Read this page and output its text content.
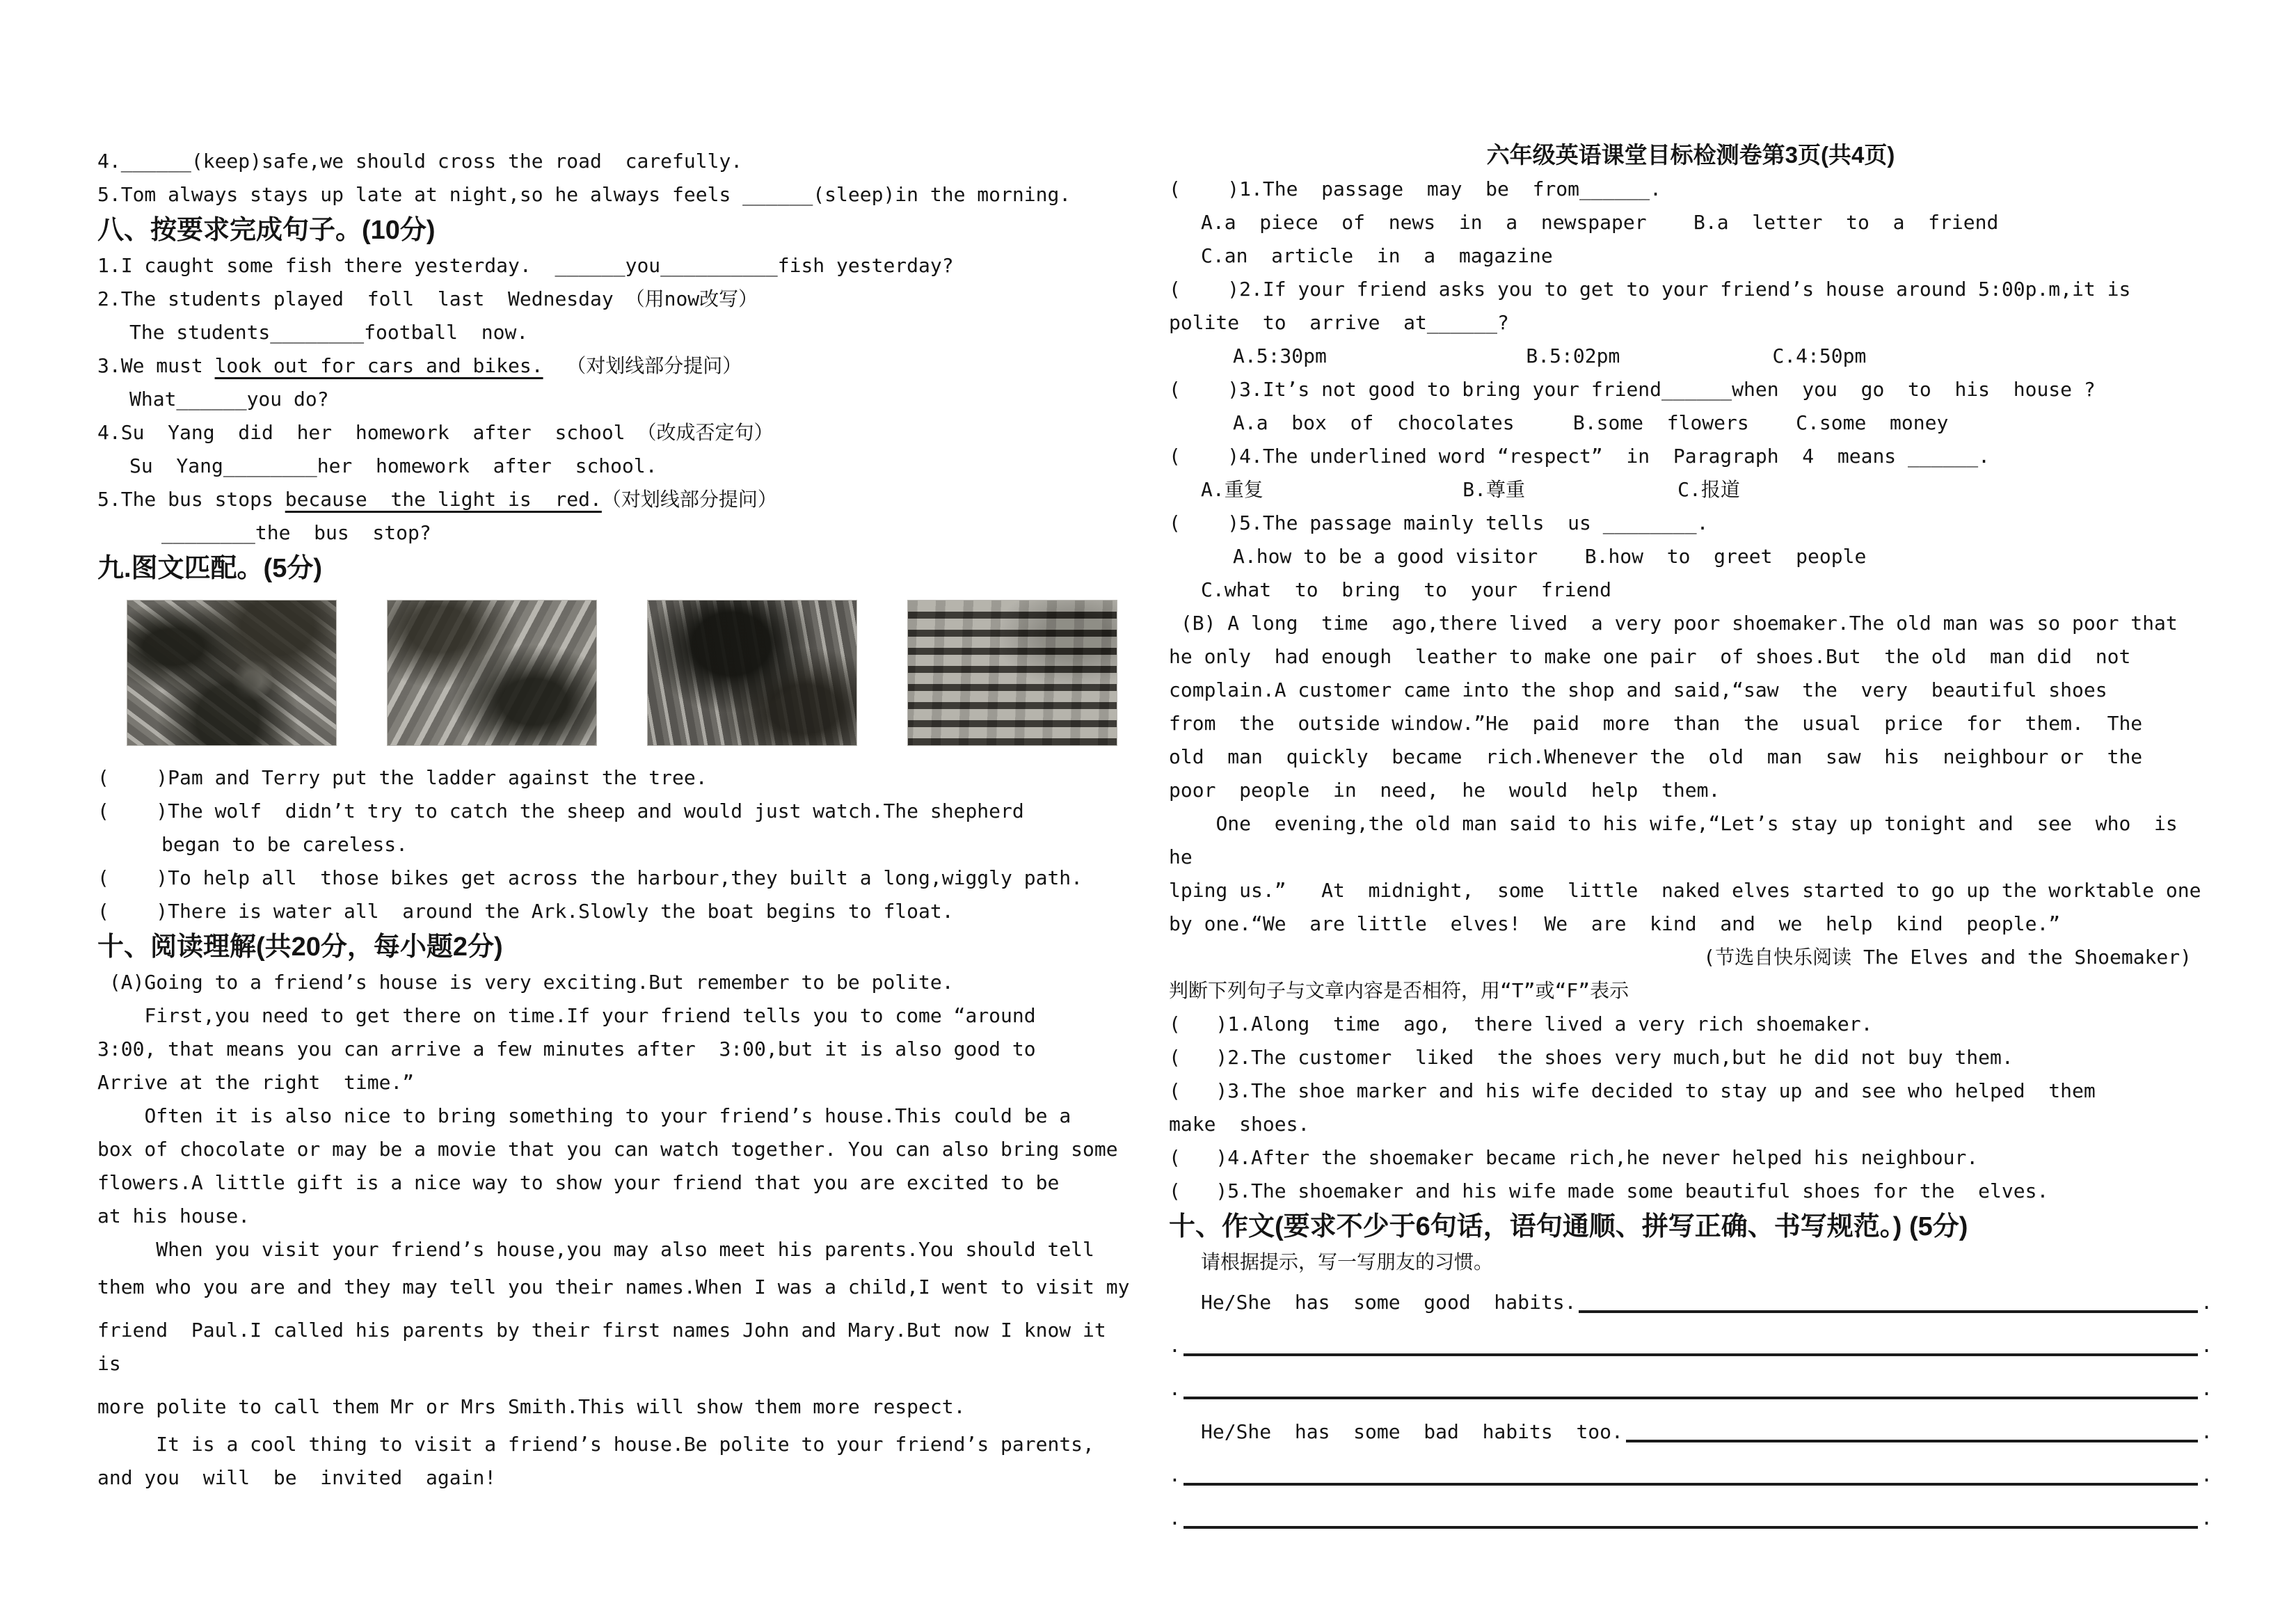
4.______(keep)safe,we should cross the road  carefully.
5.Tom always stays up late at night,so he always feels ______(sleep)in the morning.
八、按要求完成句子。(10分)
1.I caught some fish there yesterday.  ______you__________fish yesterday?
2.The students played  foll  last  Wednesday （用now改写）
The students________football  now.
3.We must look out for cars and bikes.  （对划线部分提问）
What______you do?
4.Su  Yang  did  her  homework  after  school （改成否定句）
Su  Yang________her  homework  after  school.
5.The bus stops because  the light is  red.（对划线部分提问）
________the  bus  stop?
九.图文匹配。(5分)
(    )Pam and Terry put the ladder against the tree.
(    )The wolf  didn’t try to catch the sheep and would just watch.The shepherd
began to be careless.
(    )To help all  those bikes get across the harbour,they built a long,wiggly path.
(    )There is water all  around the Ark.Slowly the boat begins to float.
十、阅读理解(共20分，每小题2分)
(A)Going to a friend’s house is very exciting.But remember to be polite.
First,you need to get there on time.If your friend tells you to come “around
3:00, that means you can arrive a few minutes after  3:00,but it is also good to
Arrive at the right  time.”
Often it is also nice to bring something to your friend’s house.This could be a
box of chocolate or may be a movie that you can watch together. You can also bring some
flowers.A little gift is a nice way to show your friend that you are excited to be
at his house.
When you visit your friend’s house,you may also meet his parents.You should tell
them who you are and they may tell you their names.When I was a child,I went to visit my
friend  Paul.I called his parents by their first names John and Mary.But now I know it is
more polite to call them Mr or Mrs Smith.This will show them more respect.
It is a cool thing to visit a friend’s house.Be polite to your friend’s parents,
and you  will  be  invited  again!
六年级英语课堂目标检测卷第3页(共4页)
(    )1.The  passage  may  be  from______.
A.a  piece  of  news  in  a  newspaper    B.a  letter  to  a  friend
C.an  article  in  a  magazine
(    )2.If your friend asks you to get to your friend’s house around 5:00p.m,it is
polite  to  arrive  at______?
A.5:30pm                 B.5:02pm             C.4:50pm
(    )3.It’s not good to bring your friend______when  you  go  to  his  house ?
A.a  box  of  chocolates     B.some  flowers    C.some  money
(    )4.The underlined word “respect”  in  Paragraph  4  means ______.
A.重复                 B.尊重             C.报道
(    )5.The passage mainly tells  us ________.
A.how to be a good visitor    B.how  to  greet  people
C.what  to  bring  to  your  friend
(B) A long  time  ago,there lived  a very poor shoemaker.The old man was so poor that
he only  had enough  leather to make one pair  of shoes.But  the old  man did  not
complain.A customer came into the shop and said,“saw  the  very  beautiful shoes
from  the  outside window.”He  paid  more  than  the  usual  price  for  them.  The
old  man  quickly  became  rich.Whenever the  old  man  saw  his  neighbour or  the
poor  people  in  need,  he  would  help  them.
One  evening,the old man said to his wife,“Let’s stay up tonight and  see  who  is  he
lping us.”   At  midnight,  some  little  naked elves started to go up the worktable one
by one.“We  are little  elves!  We  are  kind  and  we  help  kind  people.”
(节选自快乐阅读 The Elves and the Shoemaker)
判断下列句子与文章内容是否相符，用“T”或“F”表示
(   )1.Along  time  ago,  there lived a very rich shoemaker.
(   )2.The customer  liked  the shoes very much,but he did not buy them.
(   )3.The shoe marker and his wife decided to stay up and see who helped  them
make  shoes.
(   )4.After the shoemaker became rich,he never helped his neighbour.
(   )5.The shoemaker and his wife made some beautiful shoes for the  elves.
十、作文(要求不少于6句话，语句通顺、拼写正确、书写规范。) (5分)
请根据提示，写一写朋友的习惯。
He/She  has  some  good  habits.	.
.	.
.	.
He/She  has  some  bad  habits  too.	.
.	.
.	.
